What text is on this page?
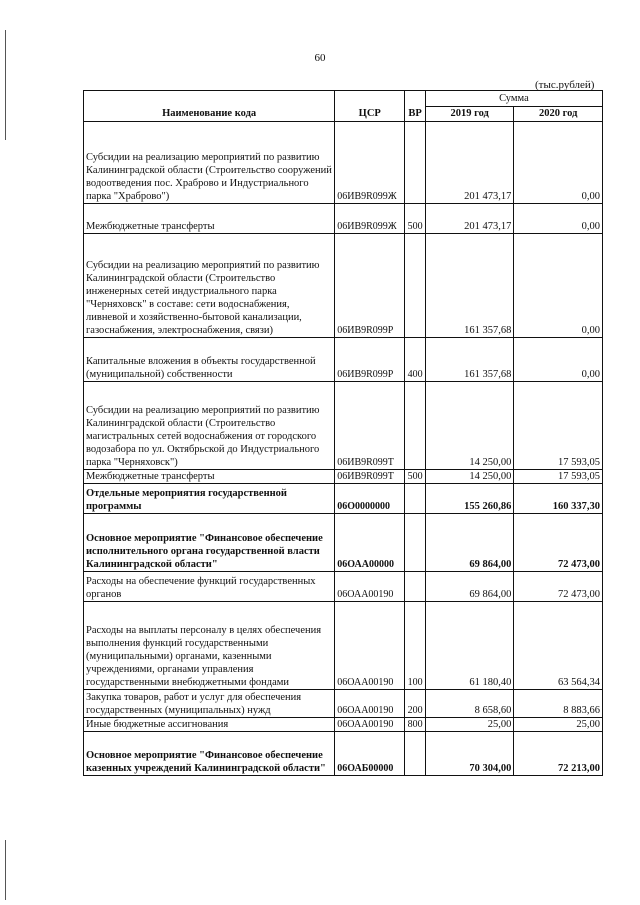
60
(тыс.рублей)
Наименование кода	ЦСР	ВР	Сумма	
			2019 год	2020 год
Субсидии на реализацию мероприятий по развитию Калининградской области (Строительство сооружений водоотведения пос. Храброво и Индустриального парка "Храброво")	06ИВ9R099Ж		201 473,17	0,00
Межбюджетные трансферты	06ИВ9R099Ж	500	201 473,17	0,00
Субсидии на реализацию мероприятий по развитию Калининградской области (Строительство инженерных сетей индустриального парка "Черняховск" в составе: сети водоснабжения, ливневой и хозяйственно-бытовой канализации, газоснабжения, электроснабжения, связи)	06ИВ9R099Р		161 357,68	0,00
Капитальные вложения в объекты государственной (муниципальной) собственности	06ИВ9R099Р	400	161 357,68	0,00
Субсидии на реализацию мероприятий по развитию Калининградской области (Строительство магистральных сетей водоснабжения от городского водозабора по ул. Октябрьской до Индустриального парка "Черняховск")	06ИВ9R099Т		14 250,00	17 593,05
Межбюджетные трансферты	06ИВ9R099Т	500	14 250,00	17 593,05
Отдельные мероприятия государственной программы	06О0000000		155 260,86	160 337,30
Основное мероприятие "Финансовое обеспечение исполнительного органа государственной власти Калининградской области"	06ОАА00000		69 864,00	72 473,00
Расходы на обеспечение функций государственных органов	06ОАА00190		69 864,00	72 473,00
Расходы на выплаты персоналу в целях обеспечения выполнения функций государственными (муниципальными) органами, казенными учреждениями, органами управления государственными внебюджетными фондами	06ОАА00190	100	61 180,40	63 564,34
Закупка товаров, работ и услуг для обеспечения государственных (муниципальных) нужд	06ОАА00190	200	8 658,60	8 883,66
Иные бюджетные ассигнования	06ОАА00190	800	25,00	25,00
Основное мероприятие "Финансовое обеспечение казенных учреждений Калининградской области"	06ОАБ00000		70 304,00	72 213,00
